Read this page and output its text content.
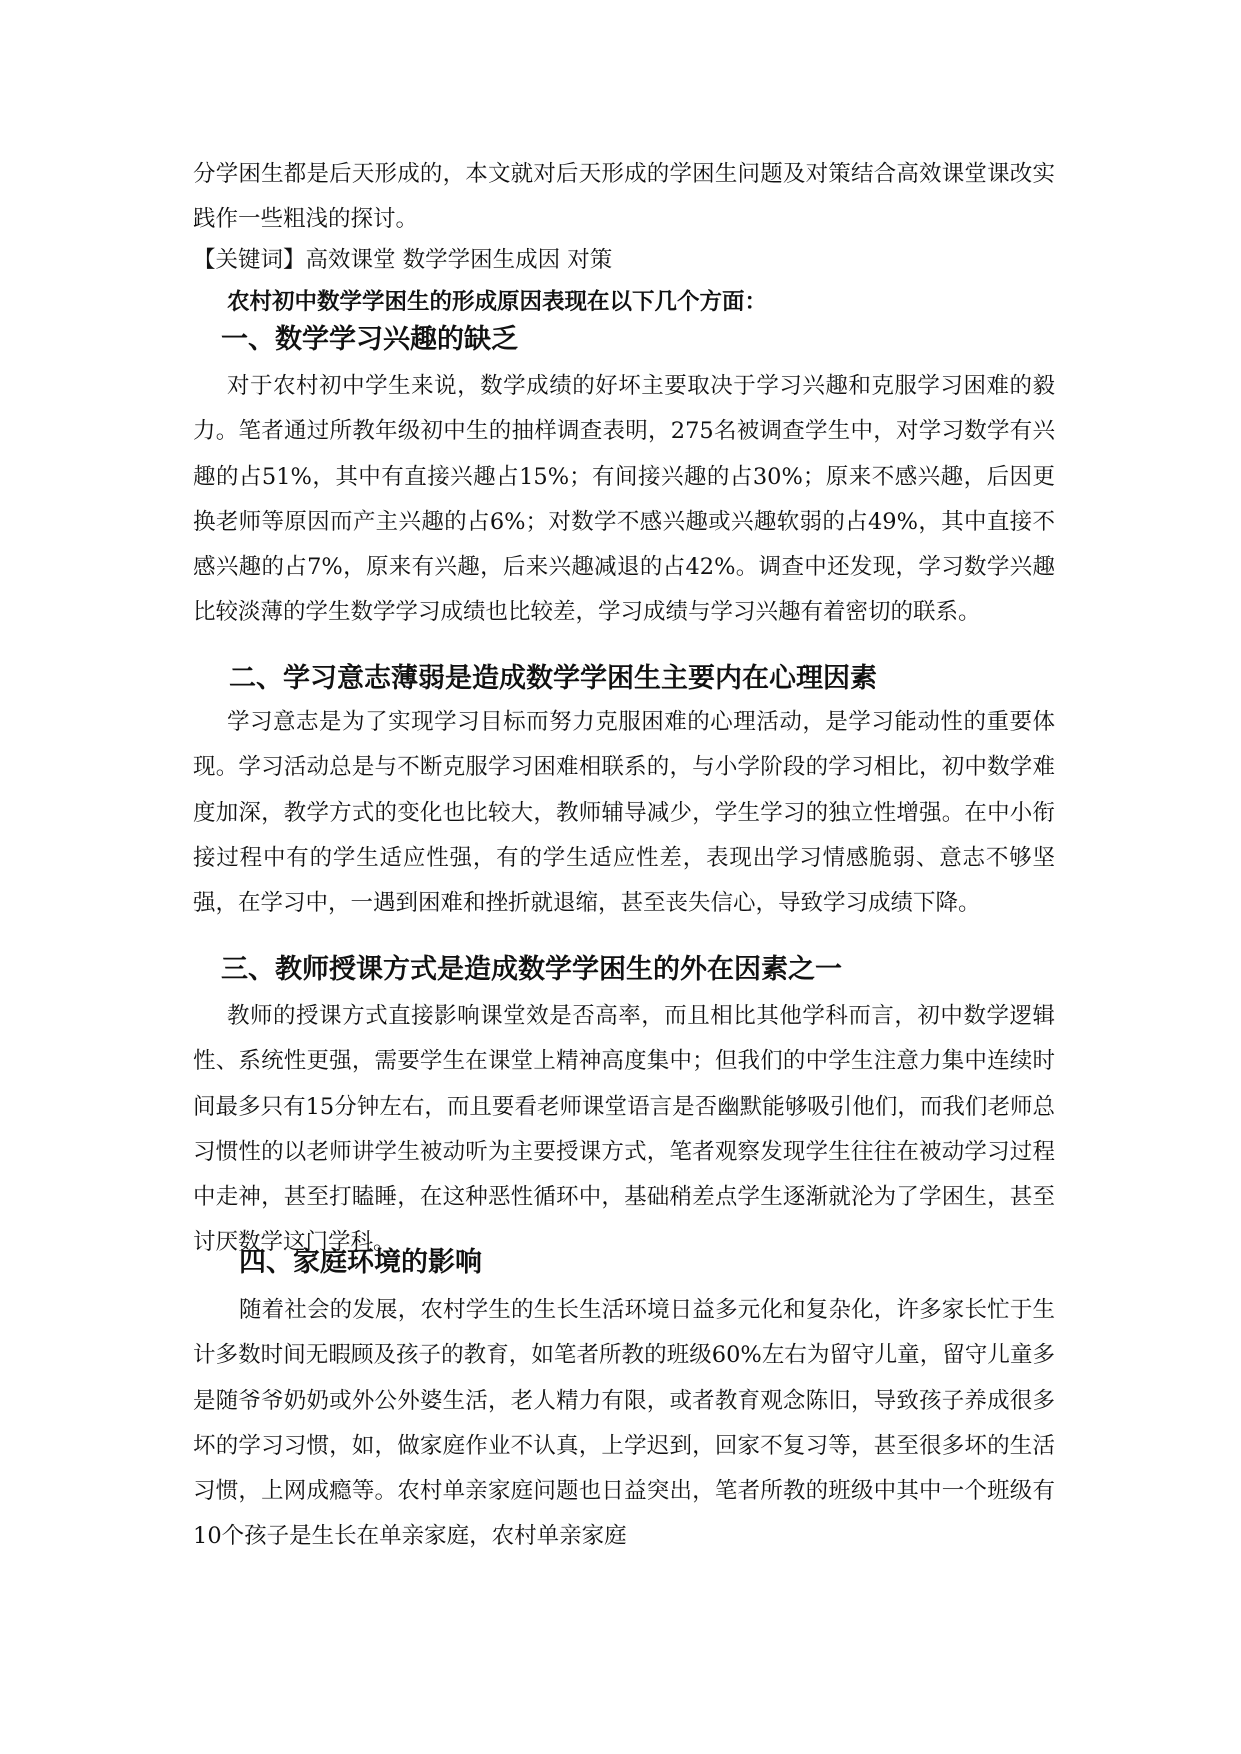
分学困生都是后天形成的，本文就对后天形成的学困生问题及对策结合高效课堂课改实践作一些粗浅的探讨。

【关键词】高效课堂 数学学困生成因 对策

农村初中数学学困生的形成原因表现在以下几个方面：

一、数学学习兴趣的缺乏

对于农村初中学生来说，数学成绩的好坏主要取决于学习兴趣和克服学习困难的毅力。笔者通过所教年级初中生的抽样调查表明，275名被调查学生中，对学习数学有兴趣的占51%，其中有直接兴趣占15%；有间接兴趣的占30%；原来不感兴趣，后因更换老师等原因而产主兴趣的占6%；对数学不感兴趣或兴趣软弱的占49%，其中直接不感兴趣的占7%，原来有兴趣，后来兴趣减退的占42%。调查中还发现，学习数学兴趣比较淡薄的学生数学学习成绩也比较差，学习成绩与学习兴趣有着密切的联系。

二、学习意志薄弱是造成数学学困生主要内在心理因素

学习意志是为了实现学习目标而努力克服困难的心理活动，是学习能动性的重要体现。学习活动总是与不断克服学习困难相联系的，与小学阶段的学习相比，初中数学难度加深，教学方式的变化也比较大，教师辅导减少，学生学习的独立性增强。在中小衔接过程中有的学生适应性强，有的学生适应性差，表现出学习情感脆弱、意志不够坚强，在学习中，一遇到困难和挫折就退缩，甚至丧失信心，导致学习成绩下降。

三、教师授课方式是造成数学学困生的外在因素之一

教师的授课方式直接影响课堂效是否高率，而且相比其他学科而言，初中数学逻辑性、系统性更强，需要学生在课堂上精神高度集中；但我们的中学生注意力集中连续时间最多只有15分钟左右，而且要看老师课堂语言是否幽默能够吸引他们，而我们老师总习惯性的以老师讲学生被动听为主要授课方式，笔者观察发现学生往往在被动学习过程中走神，甚至打瞌睡，在这种恶性循环中，基础稍差点学生逐渐就沦为了学困生，甚至讨厌数学这门学科。

四、家庭环境的影响

随着社会的发展，农村学生的生长生活环境日益多元化和复杂化，许多家长忙于生计多数时间无暇顾及孩子的教育，如笔者所教的班级60%左右为留守儿童，留守儿童多是随爷爷奶奶或外公外婆生活，老人精力有限，或者教育观念陈旧，导致孩子养成很多坏的学习习惯，如，做家庭作业不认真，上学迟到，回家不复习等，甚至很多坏的生活习惯，上网成瘾等。农村单亲家庭问题也日益突出，笔者所教的班级中其中一个班级有10个孩子是生长在单亲家庭，农村单亲家庭
